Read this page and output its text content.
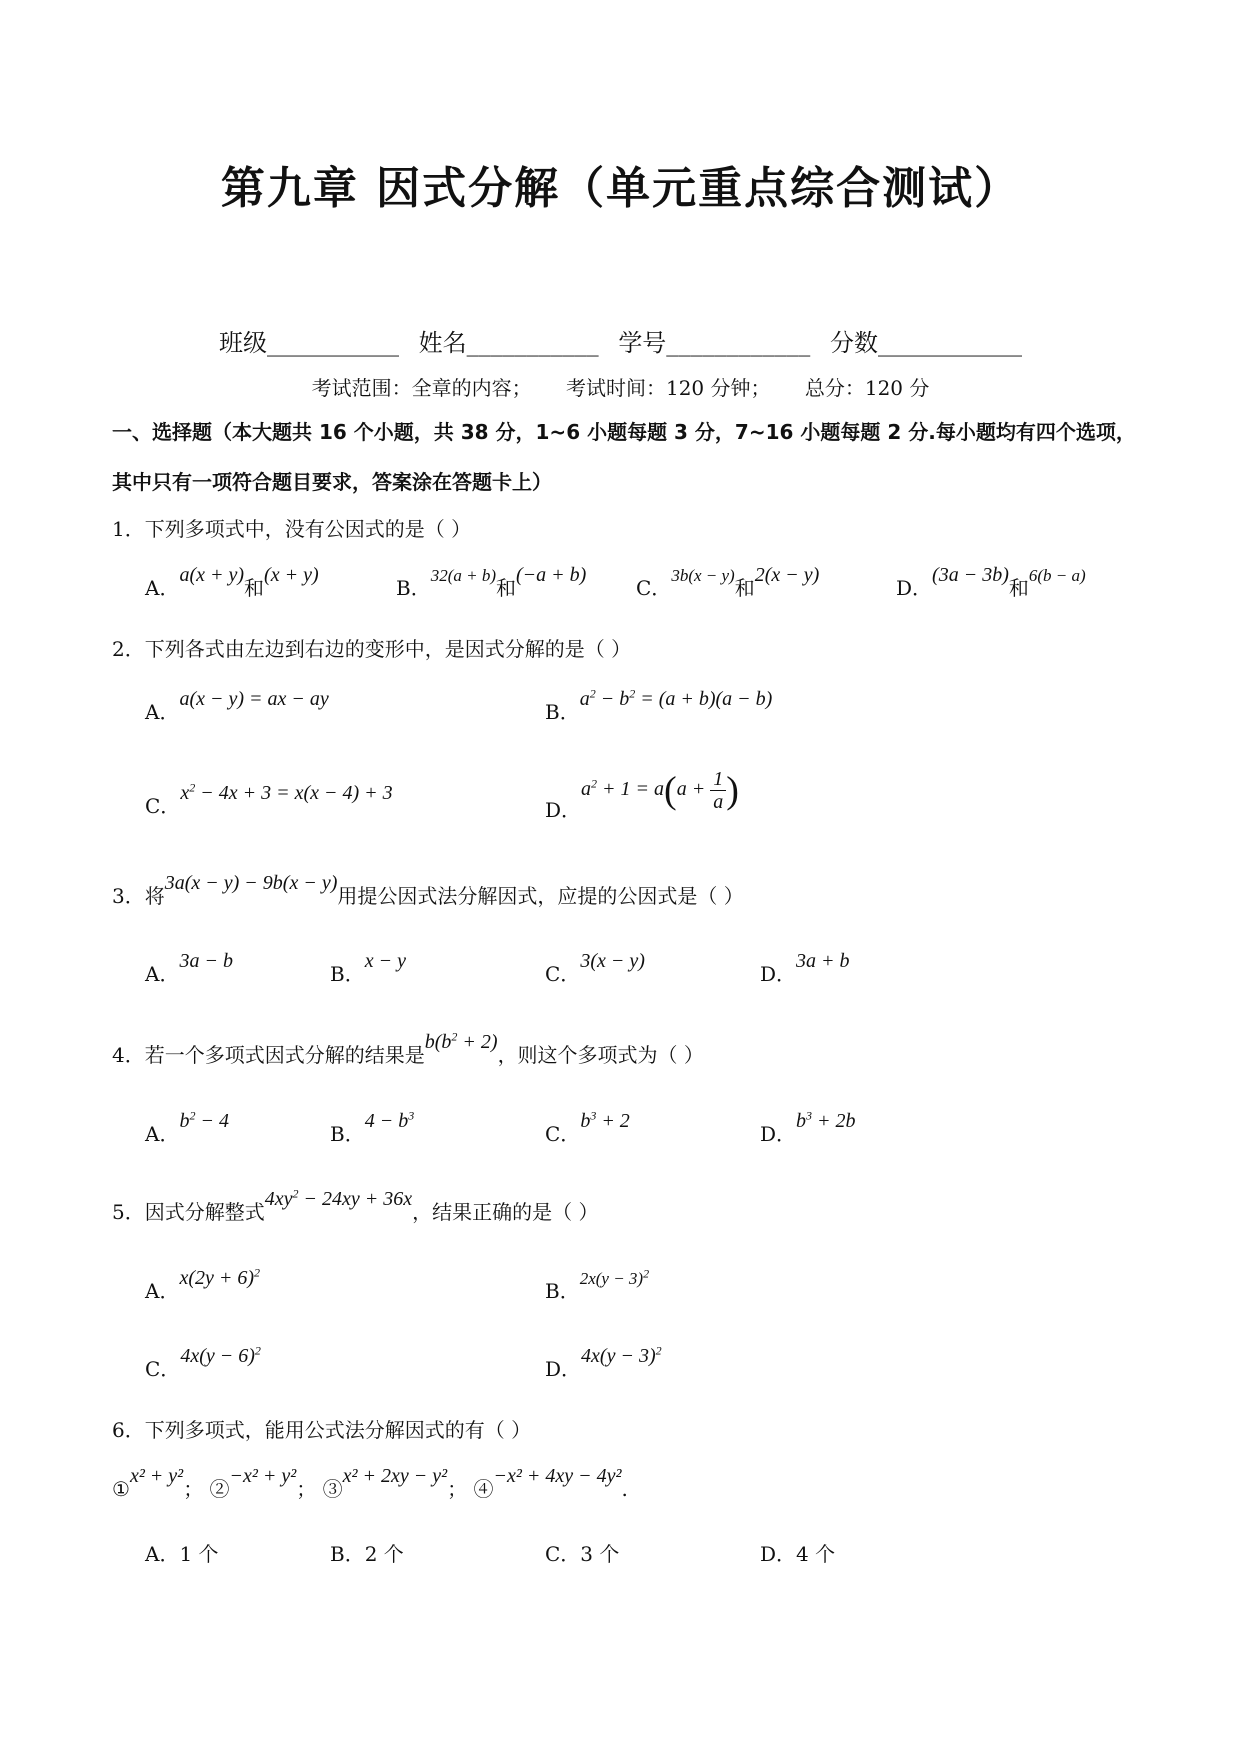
第九章 因式分解（单元重点综合测试）
班级___________ 姓名___________ 学号____________ 分数____________
考试范围：全章的内容； 考试时间：120 分钟； 总分：120 分
一、选择题（本大题共 16 个小题，共 38 分，1~6 小题每题 3 分，7~16 小题每题 2 分.每小题均有四个选项，其中只有一项符合题目要求，答案涂在答题卡上）
1．下列多项式中，没有公因式的是（ ）
A．a(x + y)和(x + y)
B．$^{32(a + b)}$和(−a + b)
C．$^{3b(x - y)}$和2(x − y)
D．(3a − 3b)和$^{6(b - a)}$
2．下列各式由左边到右边的变形中，是因式分解的是（ ）
A．a(x − y) = ax − ay
B．$a^2 - b^2 = (a + b)(a - b)$
C．$x^2 - 4x + 3 = x(x - 4) + 3$
D．$a^2 + 1 = a(a + \frac{1}{a}$ )
3．将3a(x − y) − 9b(x − y)用提公因式法分解因式，应提的公因式是（ ）
A．3a − b
B．x − y
C．3(x − y)
D．3a + b
4．若一个多项式因式分解的结果是$b(b^2 + 2)$，则这个多项式为（ ）
A．$b^2 - 4$
B．$4 - b^3$
C．$b^3 + 2$
D．$b^3 + 2b$
5．因式分解整式$4xy^2 - 24xy + 36x$，结果正确的是（ ）
A．$x(2y + 6)^2$
B．$^{2x(y - 3)^2}$
C．$4x(y - 6)^2$
D．$4x(y - 3)^2$
6．下列多项式，能用公式法分解因式的有（ ）
①x² + y²； ②−x² + y²； ③x² + 2xy − y²； ④−x² + 4xy − 4y².
A．1 个	B．2 个	C．3 个	D．4 个
